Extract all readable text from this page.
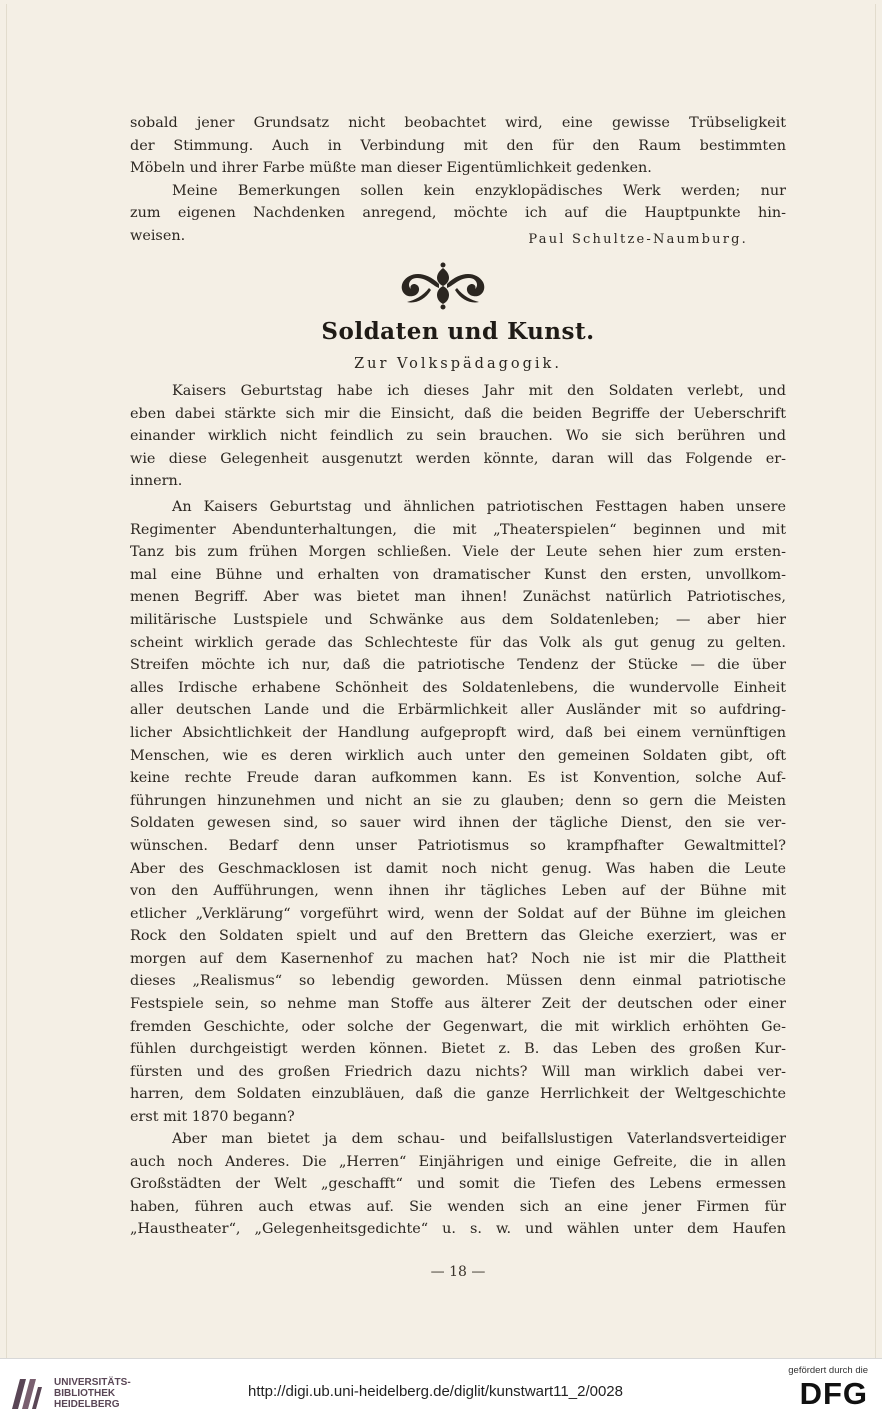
sobald jener Grundsatz nicht beobachtet wird, eine gewisse Trübseligkeit
der Stimmung. Auch in Verbindung mit den für den Raum bestimmten
Möbeln und ihrer Farbe müßte man dieser Eigentümlichkeit gedenken.
Meine Bemerkungen sollen kein enzyklopädisches Werk werden; nur
zum eigenen Nachdenken anregend, möchte ich auf die Hauptpunkte hin-
weisen.	Paul Schultze-Naumburg.
Soldaten und Kunst.
Zur Volkspädagogik.
Kaisers Geburtstag habe ich dieses Jahr mit den Soldaten verlebt, und
eben dabei stärkte sich mir die Einsicht, daß die beiden Begriffe der Ueberschrift
einander wirklich nicht feindlich zu sein brauchen. Wo sie sich berühren und
wie diese Gelegenheit ausgenutzt werden könnte, daran will das Folgende er-
innern.
An Kaisers Geburtstag und ähnlichen patriotischen Festtagen haben unsere
Regimenter Abendunterhaltungen, die mit „Theaterspielen“ beginnen und mit
Tanz bis zum frühen Morgen schließen. Viele der Leute sehen hier zum ersten-
mal eine Bühne und erhalten von dramatischer Kunst den ersten, unvollkom-
menen Begriff. Aber was bietet man ihnen! Zunächst natürlich Patriotisches,
militärische Lustspiele und Schwänke aus dem Soldatenleben; — aber hier
scheint wirklich gerade das Schlechteste für das Volk als gut genug zu gelten.
Streifen möchte ich nur, daß die patriotische Tendenz der Stücke — die über
alles Irdische erhabene Schönheit des Soldatenlebens, die wundervolle Einheit
aller deutschen Lande und die Erbärmlichkeit aller Ausländer mit so aufdring-
licher Absichtlichkeit der Handlung aufgepropft wird, daß bei einem vernünftigen
Menschen, wie es deren wirklich auch unter den gemeinen Soldaten gibt, oft
keine rechte Freude daran aufkommen kann. Es ist Konvention, solche Auf-
führungen hinzunehmen und nicht an sie zu glauben; denn so gern die Meisten
Soldaten gewesen sind, so sauer wird ihnen der tägliche Dienst, den sie ver-
wünschen. Bedarf denn unser Patriotismus so krampfhafter Gewaltmittel?
Aber des Geschmacklosen ist damit noch nicht genug. Was haben die Leute
von den Aufführungen, wenn ihnen ihr tägliches Leben auf der Bühne mit
etlicher „Verklärung“ vorgeführt wird, wenn der Soldat auf der Bühne im gleichen
Rock den Soldaten spielt und auf den Brettern das Gleiche exerziert, was er
morgen auf dem Kasernenhof zu machen hat? Noch nie ist mir die Plattheit
dieses „Realismus“ so lebendig geworden. Müssen denn einmal patriotische
Festspiele sein, so nehme man Stoffe aus älterer Zeit der deutschen oder einer
fremden Geschichte, oder solche der Gegenwart, die mit wirklich erhöhten Ge-
fühlen durchgeistigt werden können. Bietet z. B. das Leben des großen Kur-
fürsten und des großen Friedrich dazu nichts? Will man wirklich dabei ver-
harren, dem Soldaten einzubläuen, daß die ganze Herrlichkeit der Weltgeschichte
erst mit 1870 begann?
Aber man bietet ja dem schau- und beifallslustigen Vaterlandsverteidiger
auch noch Anderes. Die „Herren“ Einjährigen und einige Gefreite, die in allen
Großstädten der Welt „geschafft“ und somit die Tiefen des Lebens ermessen
haben, führen auch etwas auf. Sie wenden sich an eine jener Firmen für
„Haustheater“, „Gelegenheitsgedichte“ u. s. w. und wählen unter dem Haufen
— 18 —
UNIVERSITÄTS-
BIBLIOTHEK
HEIDELBERG
http://digi.ub.uni-heidelberg.de/diglit/kunstwart11_2/0028
gefördert durch die
DFG
